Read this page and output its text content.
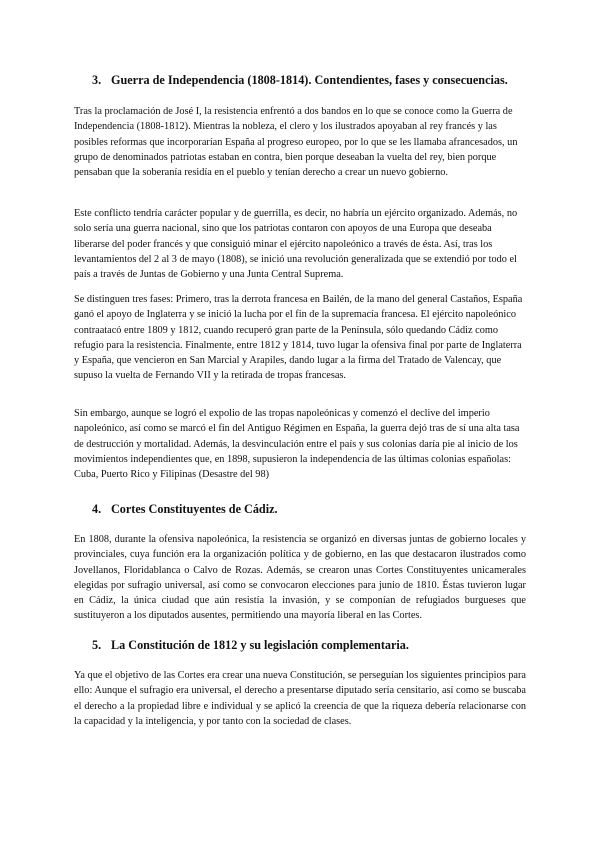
3. Guerra de Independencia (1808-1814). Contendientes, fases y consecuencias.

Tras la proclamación de José I, la resistencia enfrentó a dos bandos en lo que se conoce como la Guerra de Independencia (1808-1812). Mientras la nobleza, el clero y los ilustrados apoyaban al rey francés y las posibles reformas que incorporarían España al progreso europeo, por lo que se les llamaba afrancesados, un grupo de denominados patriotas estaban en contra, bien porque deseaban la vuelta del rey, bien porque pensaban que la soberanía residía en el pueblo y tenían derecho a crear un nuevo gobierno.

Este conflicto tendría carácter popular y de guerrilla, es decir, no habría un ejército organizado. Además, no solo sería una guerra nacional, sino que los patriotas contaron con apoyos de una Europa que deseaba liberarse del poder francés y que consiguió minar el ejército napoleónico a través de ésta. Así, tras los levantamientos del 2 al 3 de mayo (1808), se inició una revolución generalizada que se extendió por todo el país a través de Juntas de Gobierno y una Junta Central Suprema.

Se distinguen tres fases: Primero, tras la derrota francesa en Bailén, de la mano del general Castaños, España ganó el apoyo de Inglaterra y se inició la lucha por el fin de la supremacía francesa. El ejército napoleónico contraatacó entre 1809 y 1812, cuando recuperó gran parte de la Península, sólo quedando Cádiz como refugio para la resistencia. Finalmente, entre 1812 y 1814, tuvo lugar la ofensiva final por parte de Inglaterra y España, que vencieron en San Marcial y Arapiles, dando lugar a la firma del Tratado de Valencay, que supuso la vuelta de Fernando VII y la retirada de tropas francesas.

Sin embargo, aunque se logró el expolio de las tropas napoleónicas y comenzó el declive del imperio napoleónico, así como se marcó el fin del Antiguo Régimen en España, la guerra dejó tras de sí una alta tasa de destrucción y mortalidad. Además, la desvinculación entre el país y sus colonias daría pie al inicio de los movimientos independientes que, en 1898, supusieron la independencia de las últimas colonias españolas: Cuba, Puerto Rico y Filipinas (Desastre del 98)

4. Cortes Constituyentes de Cádiz.

En 1808, durante la ofensiva napoleónica, la resistencia se organizó en diversas juntas de gobierno locales y provinciales, cuya función era la organización política y de gobierno, en las que destacaron ilustrados como Jovellanos, Floridablanca o Calvo de Rozas. Además, se crearon unas Cortes Constituyentes unicamerales elegidas por sufragio universal, así como se convocaron elecciones para junio de 1810. Éstas tuvieron lugar en Cádiz, la única ciudad que aún resistía la invasión, y se componían de refugiados burgueses que sustituyeron a los diputados ausentes, permitiendo una mayoría liberal en las Cortes.

5. La Constitución de 1812 y su legislación complementaria.

Ya que el objetivo de las Cortes era crear una nueva Constitución, se perseguían los siguientes principios para ello: Aunque el sufragio era universal, el derecho a presentarse diputado sería censitario, así como se buscaba el derecho a la propiedad libre e individual y se aplicó la creencia de que la riqueza debería relacionarse con la capacidad y la inteligencia, y por tanto con la sociedad de clases.
